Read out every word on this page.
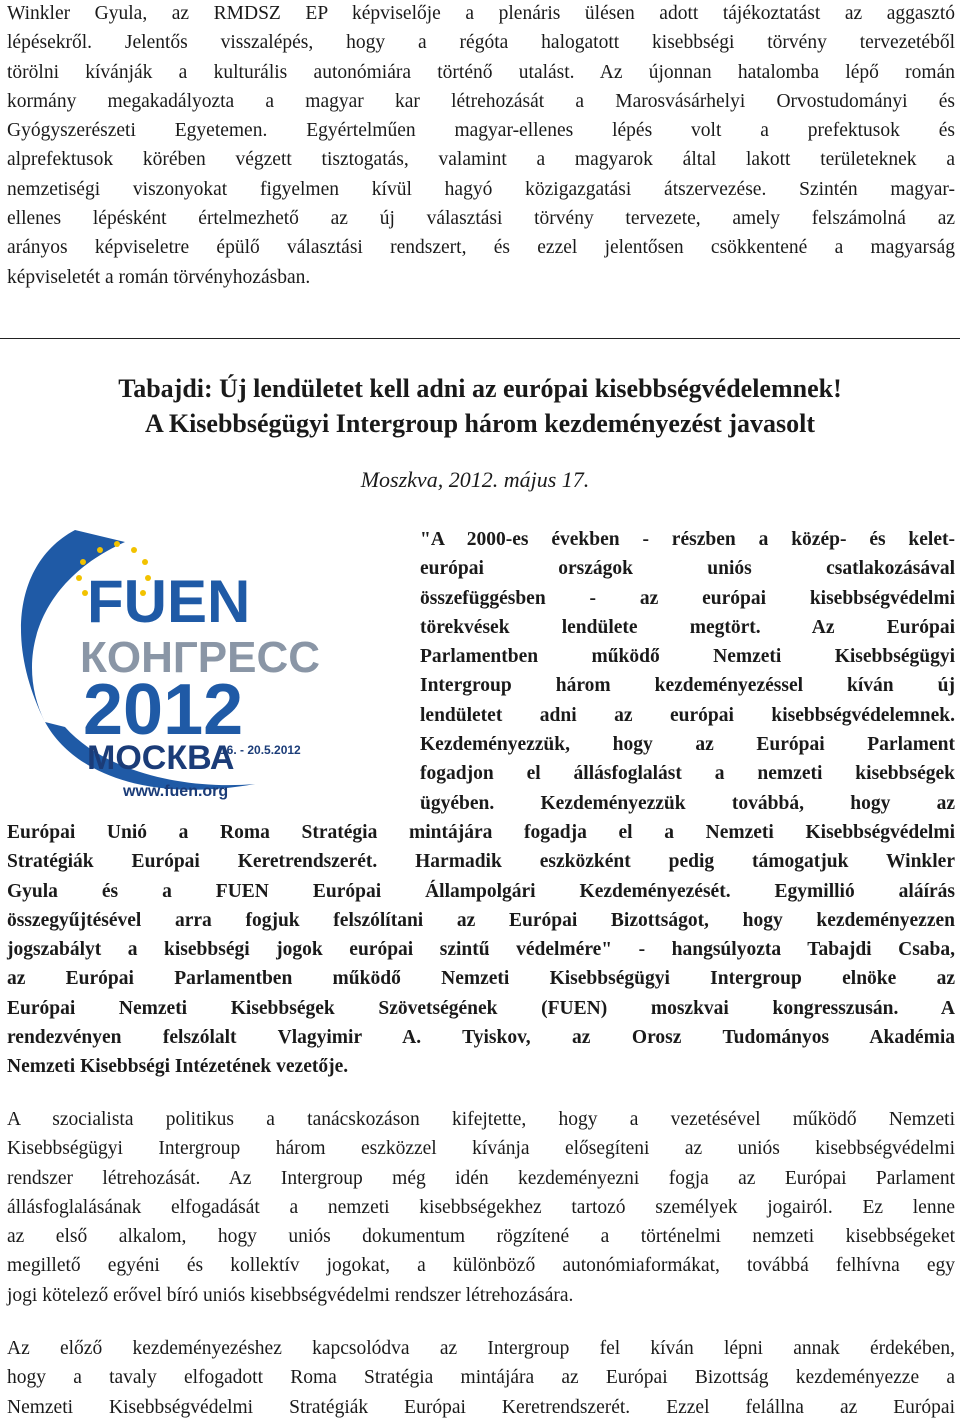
Winkler Gyula, az RMDSZ EP képviselője a plenáris ülésen adott tájékoztatást az aggasztó
lépésekről. Jelentős visszalépés, hogy a régóta halogatott kisebbségi törvény tervezetéből
törölni kívánják a kulturális autonómiára történő utalást. Az újonnan hatalomba lépő román
kormány megakadályozta a magyar kar létrehozását a Marosvásárhelyi Orvostudományi és
Gyógyszerészeti Egyetemen. Egyértelműen magyar-ellenes lépés volt a prefektusok és
alprefektusok körében végzett tisztogatás, valamint a magyarok által lakott területeknek a
nemzetiségi viszonyokat figyelmen kívül hagyó közigazgatási átszervezése. Szintén magyar-
ellenes lépésként értelmezhető az új választási törvény tervezete, amely felszámolná az
arányos képviseletre épülő választási rendszert, és ezzel jelentősen csökkentené a magyarság
képviseletét a román törvényhozásban.
Tabajdi: Új lendületet kell adni az európai kisebbségvédelemnek!
A Kisebbségügyi Intergroup három kezdeményezést javasolt

Moszkva, 2012. május 17.

FUEN
КОНГРЕСС
2012
МОСКВА
16. - 20.5.2012
www.fuen.org
"A 2000-es években - részben a közép- és kelet-
európai országok uniós csatlakozásával
összefüggésben - az európai kisebbségvédelmi
törekvések lendülete megtört. Az Európai
Parlamentben működő Nemzeti Kisebbségügyi
Intergroup három kezdeményezéssel kíván új
lendületet adni az európai kisebbségvédelemnek.
Kezdeményezzük, hogy az Európai Parlament
fogadjon el állásfoglalást a nemzeti kisebbségek
ügyében. Kezdeményezzük továbbá, hogy az
Európai Unió a Roma Stratégia mintájára fogadja el a Nemzeti Kisebbségvédelmi
Stratégiák Európai Keretrendszerét. Harmadik eszközként pedig támogatjuk Winkler
Gyula és a FUEN Európai Állampolgári Kezdeményezését. Egymillió aláírás
összegyűjtésével arra fogjuk felszólítani az Európai Bizottságot, hogy kezdeményezzen
jogszabályt a kisebbségi jogok európai szintű védelmére" - hangsúlyozta Tabajdi Csaba,
az Európai Parlamentben működő Nemzeti Kisebbségügyi Intergroup elnöke az
Európai Nemzeti Kisebbségek Szövetségének (FUEN) moszkvai kongresszusán. A
rendezvényen felszólalt Vlagyimir A. Tyiskov, az Orosz Tudományos Akadémia
Nemzeti Kisebbségi Intézetének vezetője.
A szocialista politikus a tanácskozáson kifejtette, hogy a vezetésével működő Nemzeti
Kisebbségügyi Intergroup három eszközzel kívánja elősegíteni az uniós kisebbségvédelmi
rendszer létrehozását. Az Intergroup még idén kezdeményezni fogja az Európai Parlament
állásfoglalásának elfogadását a nemzeti kisebbségekhez tartozó személyek jogairól. Ez lenne
az első alkalom, hogy uniós dokumentum rögzítené a történelmi nemzeti kisebbségeket
megillető egyéni és kollektív jogokat, a különböző autonómiaformákat, továbbá felhívna egy
jogi kötelező erővel bíró uniós kisebbségvédelmi rendszer létrehozására.
Az előző kezdeményezéshez kapcsolódva az Intergroup fel kíván lépni annak érdekében,
hogy a tavaly elfogadott Roma Stratégia mintájára az Európai Bizottság kezdeményezze a
Nemzeti Kisebbségvédelmi Stratégiák Európai Keretrendszerét. Ezzel felállna az Európai
